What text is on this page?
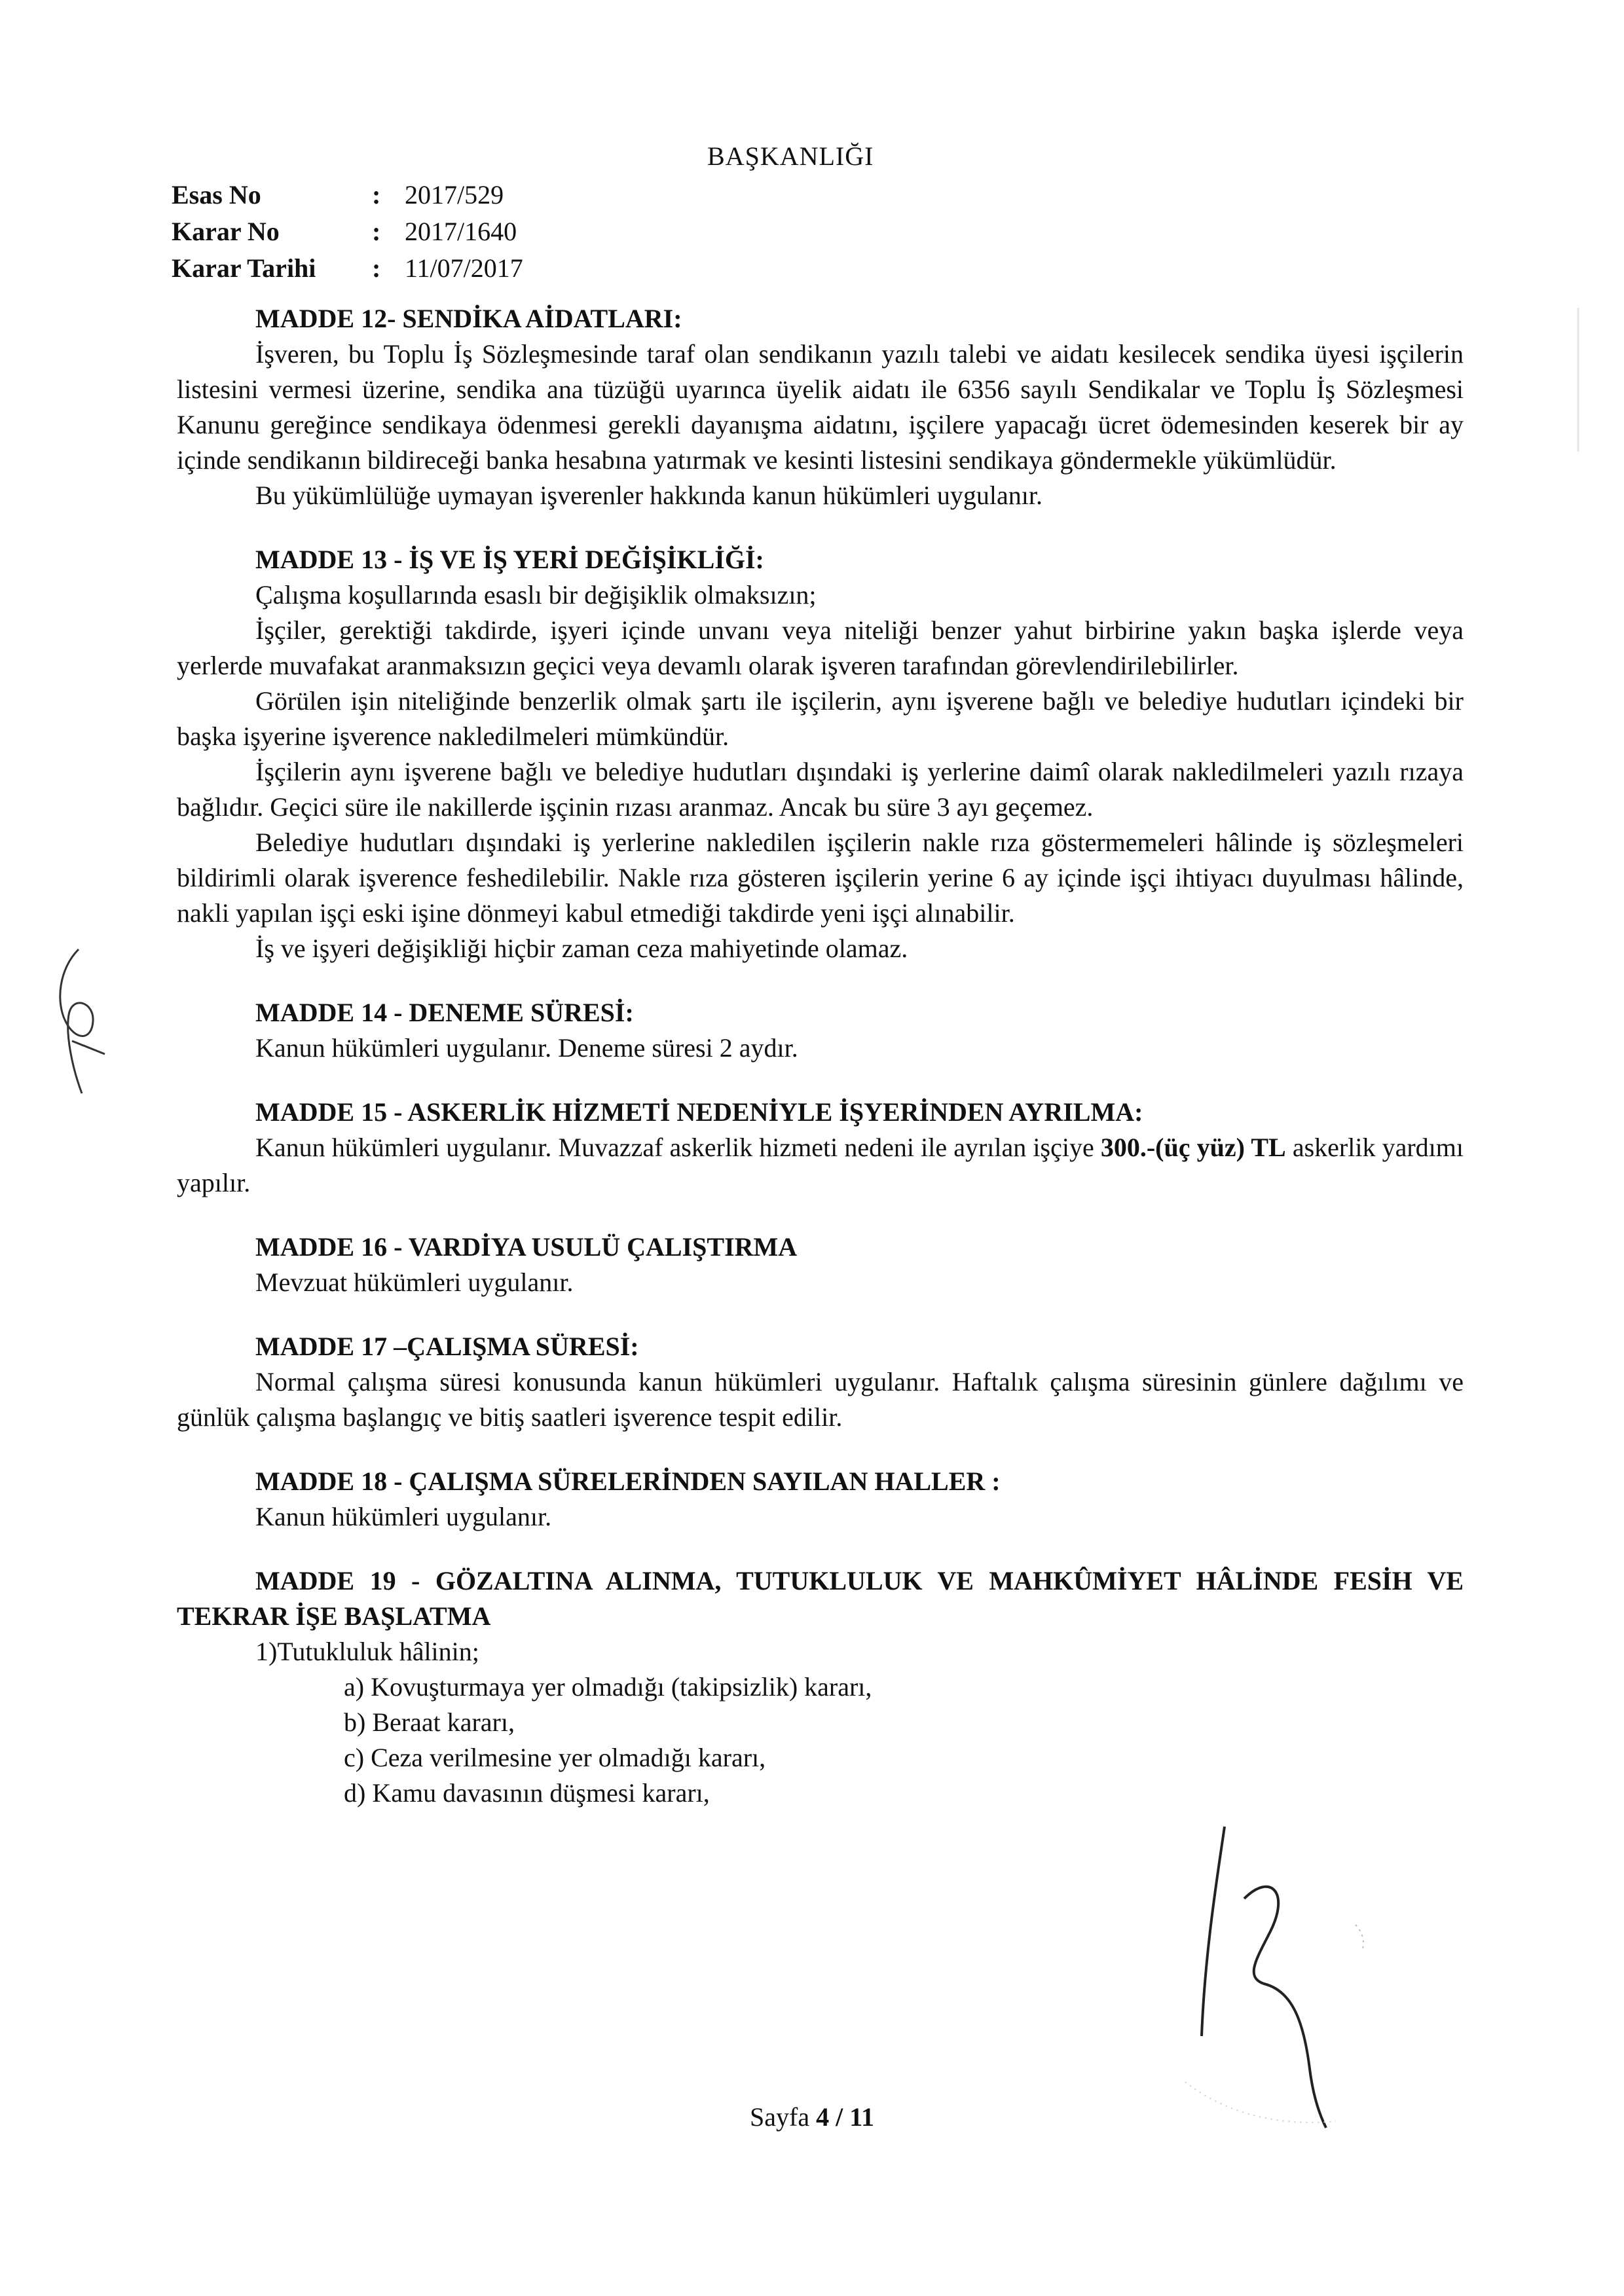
BAŞKANLIĞI
Esas No	: 2017/529
Karar No	: 2017/1640
Karar Tarihi : 11/07/2017
MADDE 12- SENDİKA AİDATLARI:
İşveren, bu Toplu İş Sözleşmesinde taraf olan sendikanın yazılı talebi ve aidatı kesilecek sendika üyesi işçilerin listesini vermesi üzerine, sendika ana tüzüğü uyarınca üyelik aidatı ile 6356 sayılı Sendikalar ve Toplu İş Sözleşmesi Kanunu gereğince sendikaya ödenmesi gerekli dayanışma aidatını, işçilere yapacağı ücret ödemesinden keserek bir ay içinde sendikanın bildireceği banka hesabına yatırmak ve kesinti listesini sendikaya göndermekle yükümlüdür.
Bu yükümlülüğe uymayan işverenler hakkında kanun hükümleri uygulanır.
MADDE 13 - İŞ VE İŞ YERİ DEĞİŞİKLİĞİ:
Çalışma koşullarında esaslı bir değişiklik olmaksızın;
İşçiler, gerektiği takdirde, işyeri içinde unvanı veya niteliği benzer yahut birbirine yakın başka işlerde veya yerlerde muvafakat aranmaksızın geçici veya devamlı olarak işveren tarafından görevlendirilebilirler.
Görülen işin niteliğinde benzerlik olmak şartı ile işçilerin, aynı işverene bağlı ve belediye hudutları içindeki bir başka işyerine işverence nakledilmeleri mümkündür.
İşçilerin aynı işverene bağlı ve belediye hudutları dışındaki iş yerlerine daimî olarak nakledilmeleri yazılı rızaya bağlıdır. Geçici süre ile nakillerde işçinin rızası aranmaz. Ancak bu süre 3 ayı geçemez.
Belediye hudutları dışındaki iş yerlerine nakledilen işçilerin nakle rıza göstermemeleri hâlinde iş sözleşmeleri bildirimli olarak işverence feshedilebilir. Nakle rıza gösteren işçilerin yerine 6 ay içinde işçi ihtiyacı duyulması hâlinde, nakli yapılan işçi eski işine dönmeyi kabul etmediği takdirde yeni işçi alınabilir.
İş ve işyeri değişikliği hiçbir zaman ceza mahiyetinde olamaz.
MADDE 14 - DENEME SÜRESİ:
Kanun hükümleri uygulanır. Deneme süresi 2 aydır.
MADDE 15 - ASKERLİK HİZMETİ NEDENİYLE İŞYERİNDEN AYRILMA:
Kanun hükümleri uygulanır. Muvazzaf askerlik hizmeti nedeni ile ayrılan işçiye 300.-(üç yüz) TL askerlik yardımı yapılır.
MADDE 16 - VARDİYA USULÜ ÇALIŞTIRMA
Mevzuat hükümleri uygulanır.
MADDE 17 –ÇALIŞMA SÜRESİ:
Normal çalışma süresi konusunda kanun hükümleri uygulanır. Haftalık çalışma süresinin günlere dağılımı ve günlük çalışma başlangıç ve bitiş saatleri işverence tespit edilir.
MADDE 18 - ÇALIŞMA SÜRELERİNDEN SAYILAN HALLER :
Kanun hükümleri uygulanır.
MADDE 19 - GÖZALTINA ALINMA, TUTUKLULUK VE MAHKÛMİYET HÂLİNDE FESİH VE TEKRAR İŞE BAŞLATMA
1)Tutukluluk hâlinin;
a) Kovuşturmaya yer olmadığı (takipsizlik) kararı,
b) Beraat kararı,
c) Ceza verilmesine yer olmadığı kararı,
d) Kamu davasının düşmesi kararı,
Sayfa 4 / 11
